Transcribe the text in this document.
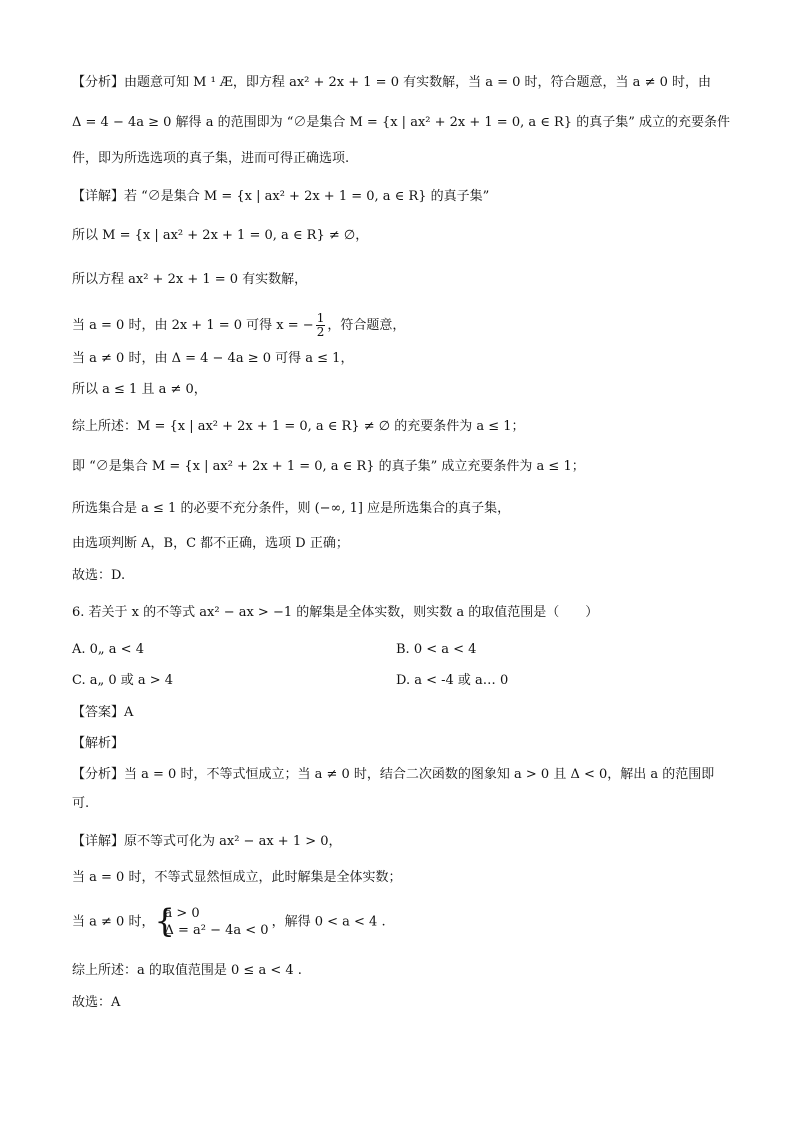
【分析】由题意可知 M ¹ Æ，即方程 ax² + 2x + 1 = 0 有实数解，当 a = 0 时，符合题意，当 a ≠ 0 时，由
Δ = 4 − 4a ≥ 0 解得 a 的范围即为 “∅是集合 M = {x | ax² + 2x + 1 = 0, a ∈ R} 的真子集” 成立的充要条件
件，即为所选选项的真子集，进而可得正确选项.
【详解】若 “∅是集合 M = {x | ax² + 2x + 1 = 0, a ∈ R} 的真子集”
所以 M = {x | ax² + 2x + 1 = 0, a ∈ R} ≠ ∅，
所以方程 ax² + 2x + 1 = 0 有实数解，
当 a = 0 时，由 2x + 1 = 0 可得 x = − $\frac{1}{2}$ ，符合题意，
当 a ≠ 0 时，由 Δ = 4 − 4a ≥ 0 可得 a ≤ 1，
所以 a ≤ 1 且 a ≠ 0，
综上所述：M = {x | ax² + 2x + 1 = 0, a ∈ R} ≠ ∅ 的充要条件为 a ≤ 1；
即 “∅是集合 M = {x | ax² + 2x + 1 = 0, a ∈ R} 的真子集” 成立充要条件为 a ≤ 1；
所选集合是 a ≤ 1 的必要不充分条件，则 (−∞, 1] 应是所选集合的真子集，
由选项判断 A，B，C 都不正确，选项 D 正确；
故选：D.
6. 若关于 x 的不等式 ax² − ax > −1 的解集是全体实数，则实数 a 的取值范围是（　　）
A. 0„ a < 4	B. 0 < a < 4
C. a„ 0 或 a > 4	D. a < -4 或 a… 0
【答案】A
【解析】
【分析】当 a = 0 时，不等式恒成立；当 a ≠ 0 时，结合二次函数的图象知 a > 0 且 Δ < 0，解出 a 的范围即
可.
【详解】原不等式可化为 ax² − ax + 1 > 0，
当 a = 0 时，不等式显然恒成立，此时解集是全体实数；
当 a ≠ 0 时， {
a > 0
Δ = a² − 4a < 0
，解得 0 < a < 4 .
综上所述：a 的取值范围是 0 ≤ a < 4 .
故选：A
